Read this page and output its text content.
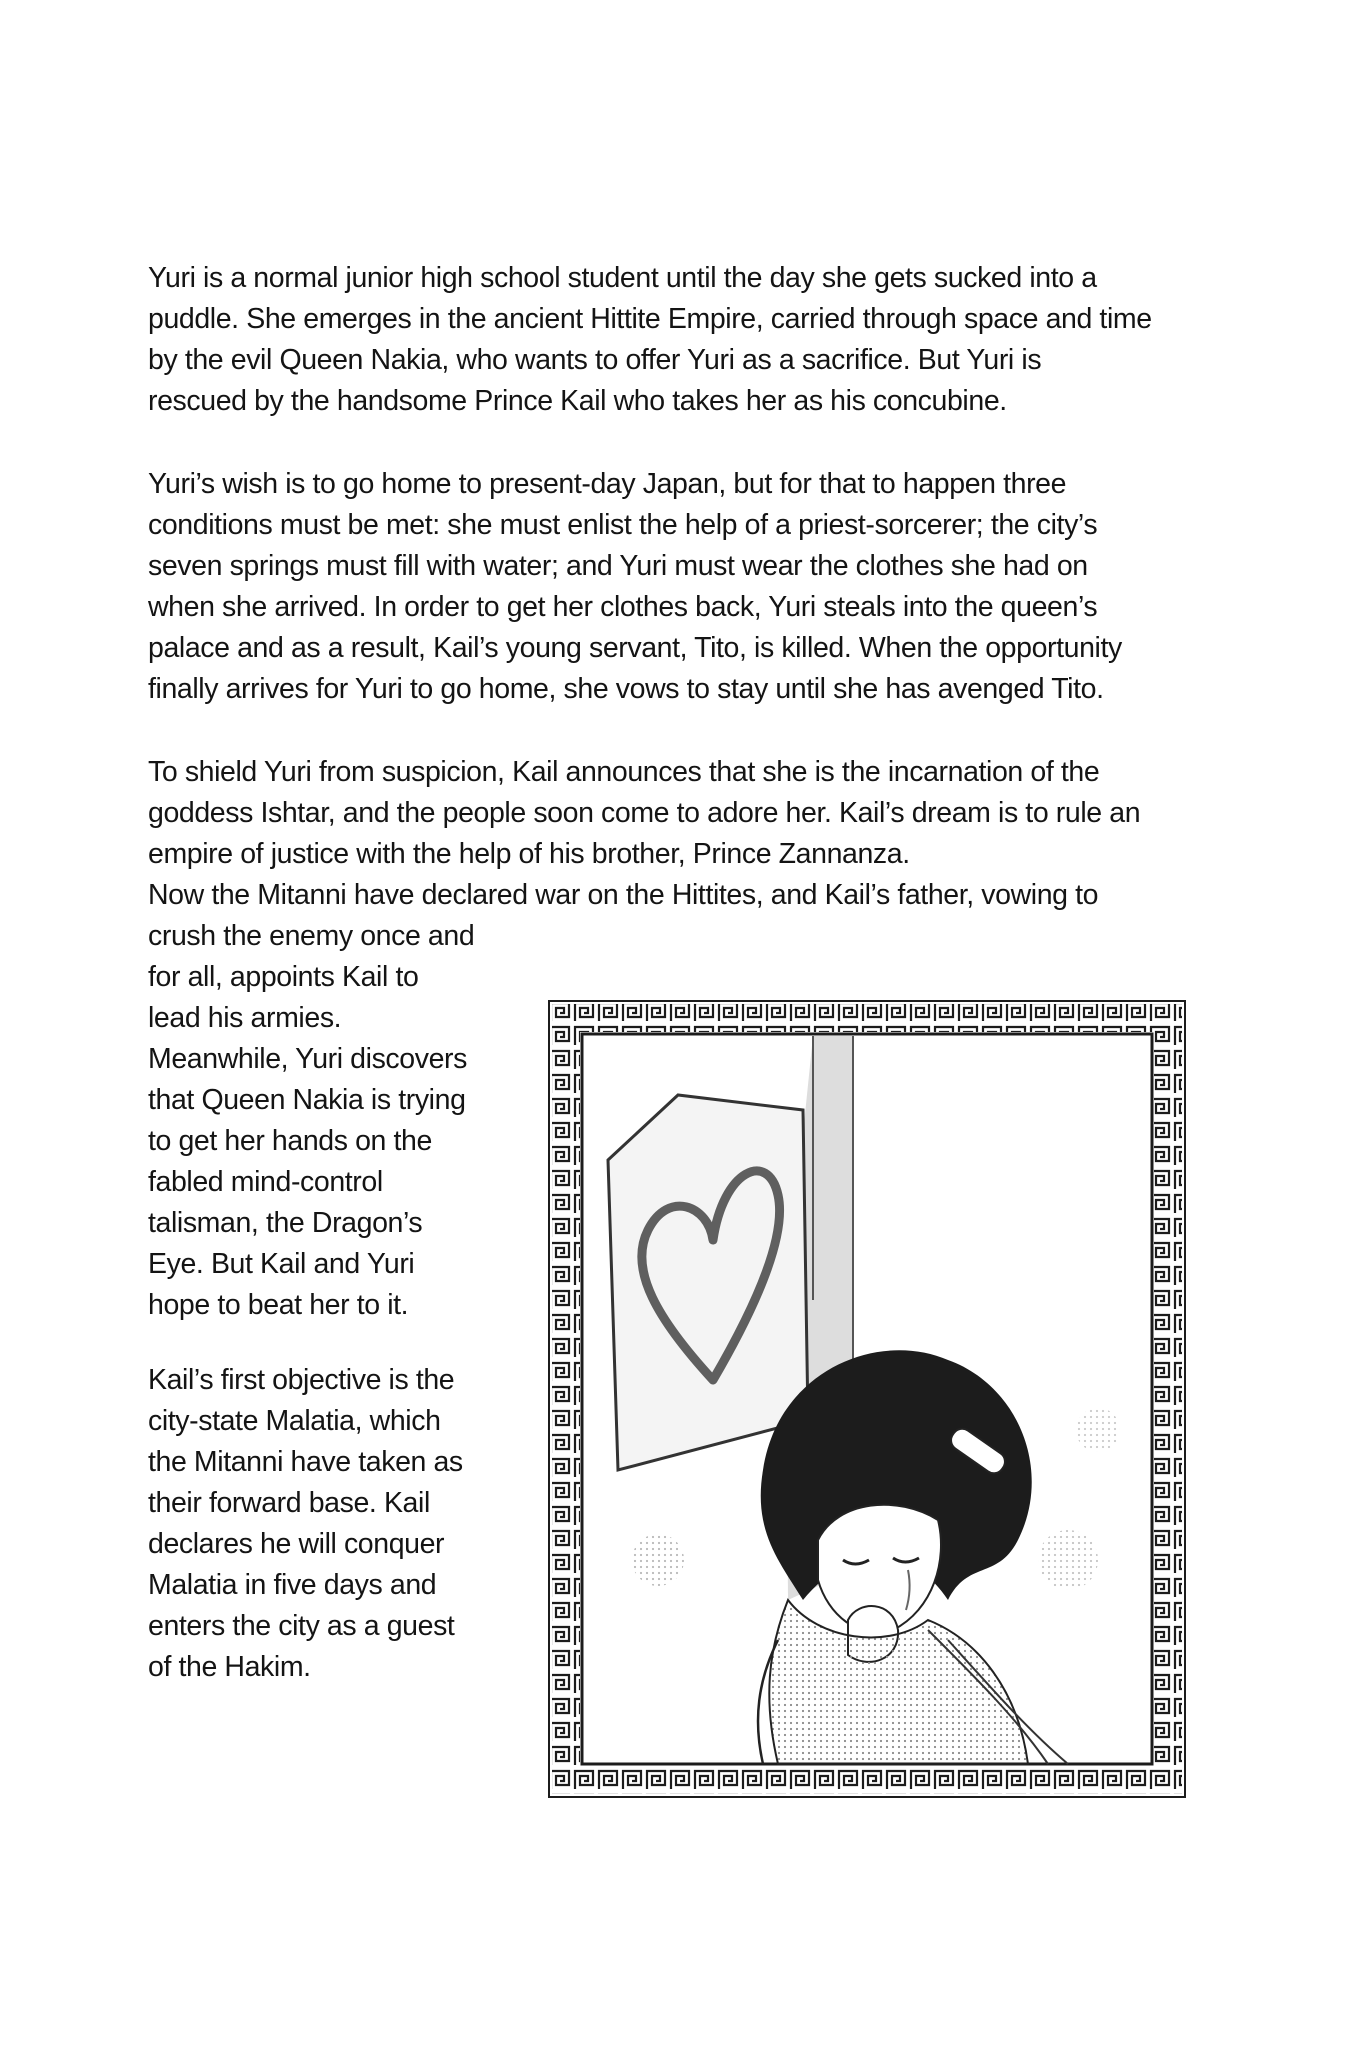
Yuri is a normal junior high school student until the day she gets sucked into a
puddle. She emerges in the ancient Hittite Empire, carried through space and time
by the evil Queen Nakia, who wants to offer Yuri as a sacrifice. But Yuri is
rescued by the handsome Prince Kail who takes her as his concubine.
Yuri’s wish is to go home to present-day Japan, but for that to happen three
conditions must be met: she must enlist the help of a priest-sorcerer; the city’s
seven springs must fill with water; and Yuri must wear the clothes she had on
when she arrived. In order to get her clothes back, Yuri steals into the queen’s
palace and as a result, Kail’s young servant, Tito, is killed. When the opportunity
finally arrives for Yuri to go home, she vows to stay until she has avenged Tito.
To shield Yuri from suspicion, Kail announces that she is the incarnation of the
goddess Ishtar, and the people soon come to adore her. Kail’s dream is to rule an
empire of justice with the help of his brother, Prince Zannanza.
Now the Mitanni have declared war on the Hittites, and Kail’s father, vowing to
crush the enemy once and
for all, appoints Kail to
lead his armies.
Meanwhile, Yuri discovers
that Queen Nakia is trying
to get her hands on the
fabled mind-control
talisman, the Dragon’s
Eye. But Kail and Yuri
hope to beat her to it.
Kail’s first objective is the
city-state Malatia, which
the Mitanni have taken as
their forward base. Kail
declares he will conquer
Malatia in five days and
enters the city as a guest
of the Hakim.
